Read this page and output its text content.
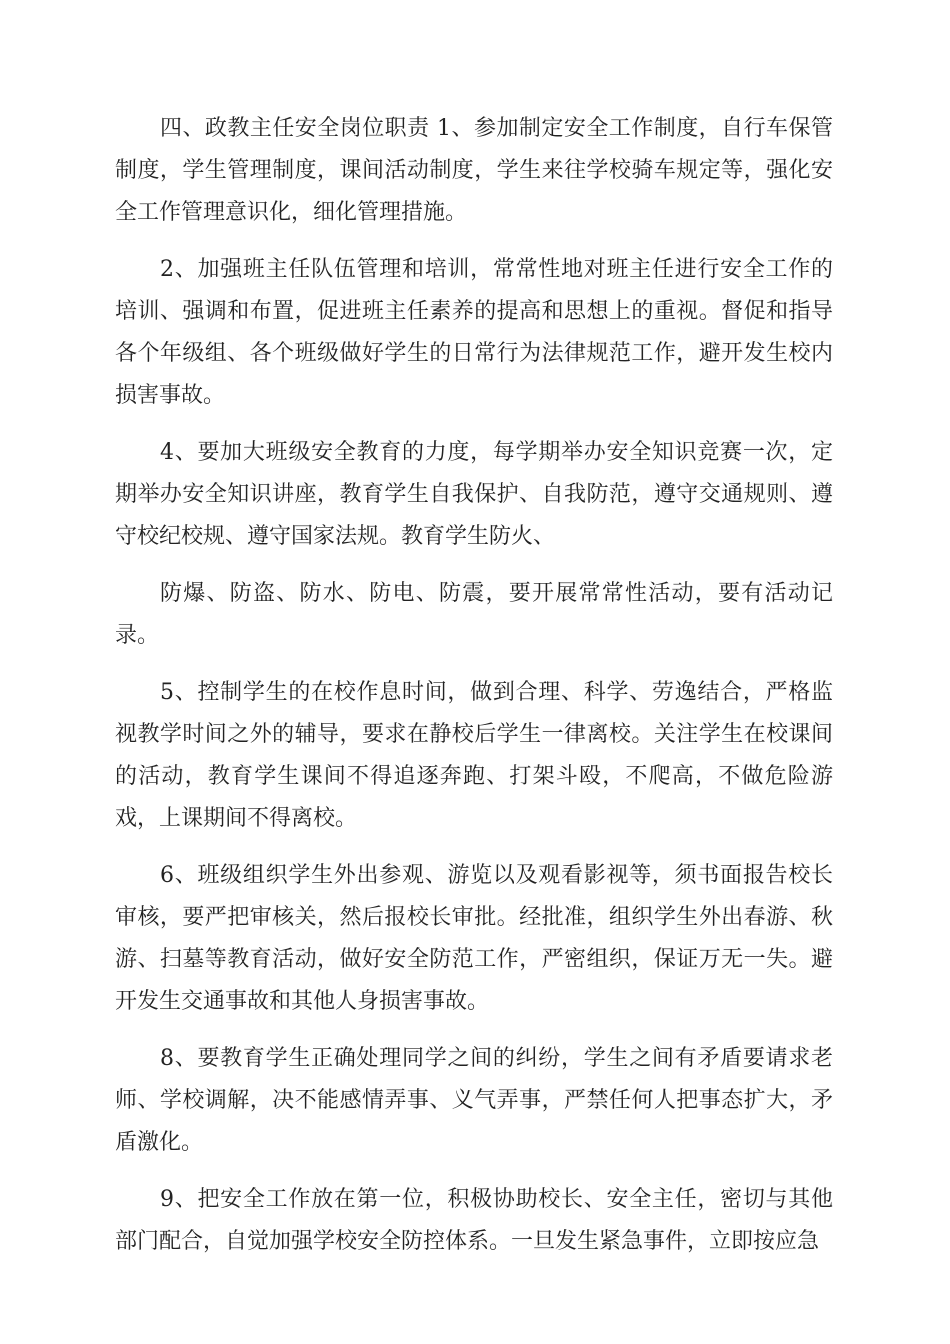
四、政教主任安全岗位职责 1、参加制定安全工作制度，自行车保管制度，学生管理制度，课间活动制度，学生来往学校骑车规定等，强化安全工作管理意识化，细化管理措施。

2、加强班主任队伍管理和培训，常常性地对班主任进行安全工作的培训、强调和布置，促进班主任素养的提高和思想上的重视。督促和指导各个年级组、各个班级做好学生的日常行为法律规范工作，避开发生校内损害事故。

4、要加大班级安全教育的力度，每学期举办安全知识竞赛一次，定期举办安全知识讲座，教育学生自我保护、自我防范，遵守交通规则、遵守校纪校规、遵守国家法规。教育学生防火、

防爆、防盗、防水、防电、防震，要开展常常性活动，要有活动记录。

5、控制学生的在校作息时间，做到合理、科学、劳逸结合，严格监视教学时间之外的辅导，要求在静校后学生一律离校。关注学生在校课间的活动，教育学生课间不得追逐奔跑、打架斗殴，不爬高，不做危险游戏，上课期间不得离校。

6、班级组织学生外出参观、游览以及观看影视等，须书面报告校长审核，要严把审核关，然后报校长审批。经批准，组织学生外出春游、秋游、扫墓等教育活动，做好安全防范工作，严密组织，保证万无一失。避开发生交通事故和其他人身损害事故。

8、要教育学生正确处理同学之间的纠纷，学生之间有矛盾要请求老师、学校调解，决不能感情弄事、义气弄事，严禁任何人把事态扩大，矛盾激化。

9、把安全工作放在第一位，积极协助校长、安全主任，密切与其他部门配合，自觉加强学校安全防控体系。一旦发生紧急事件，立即按应急
